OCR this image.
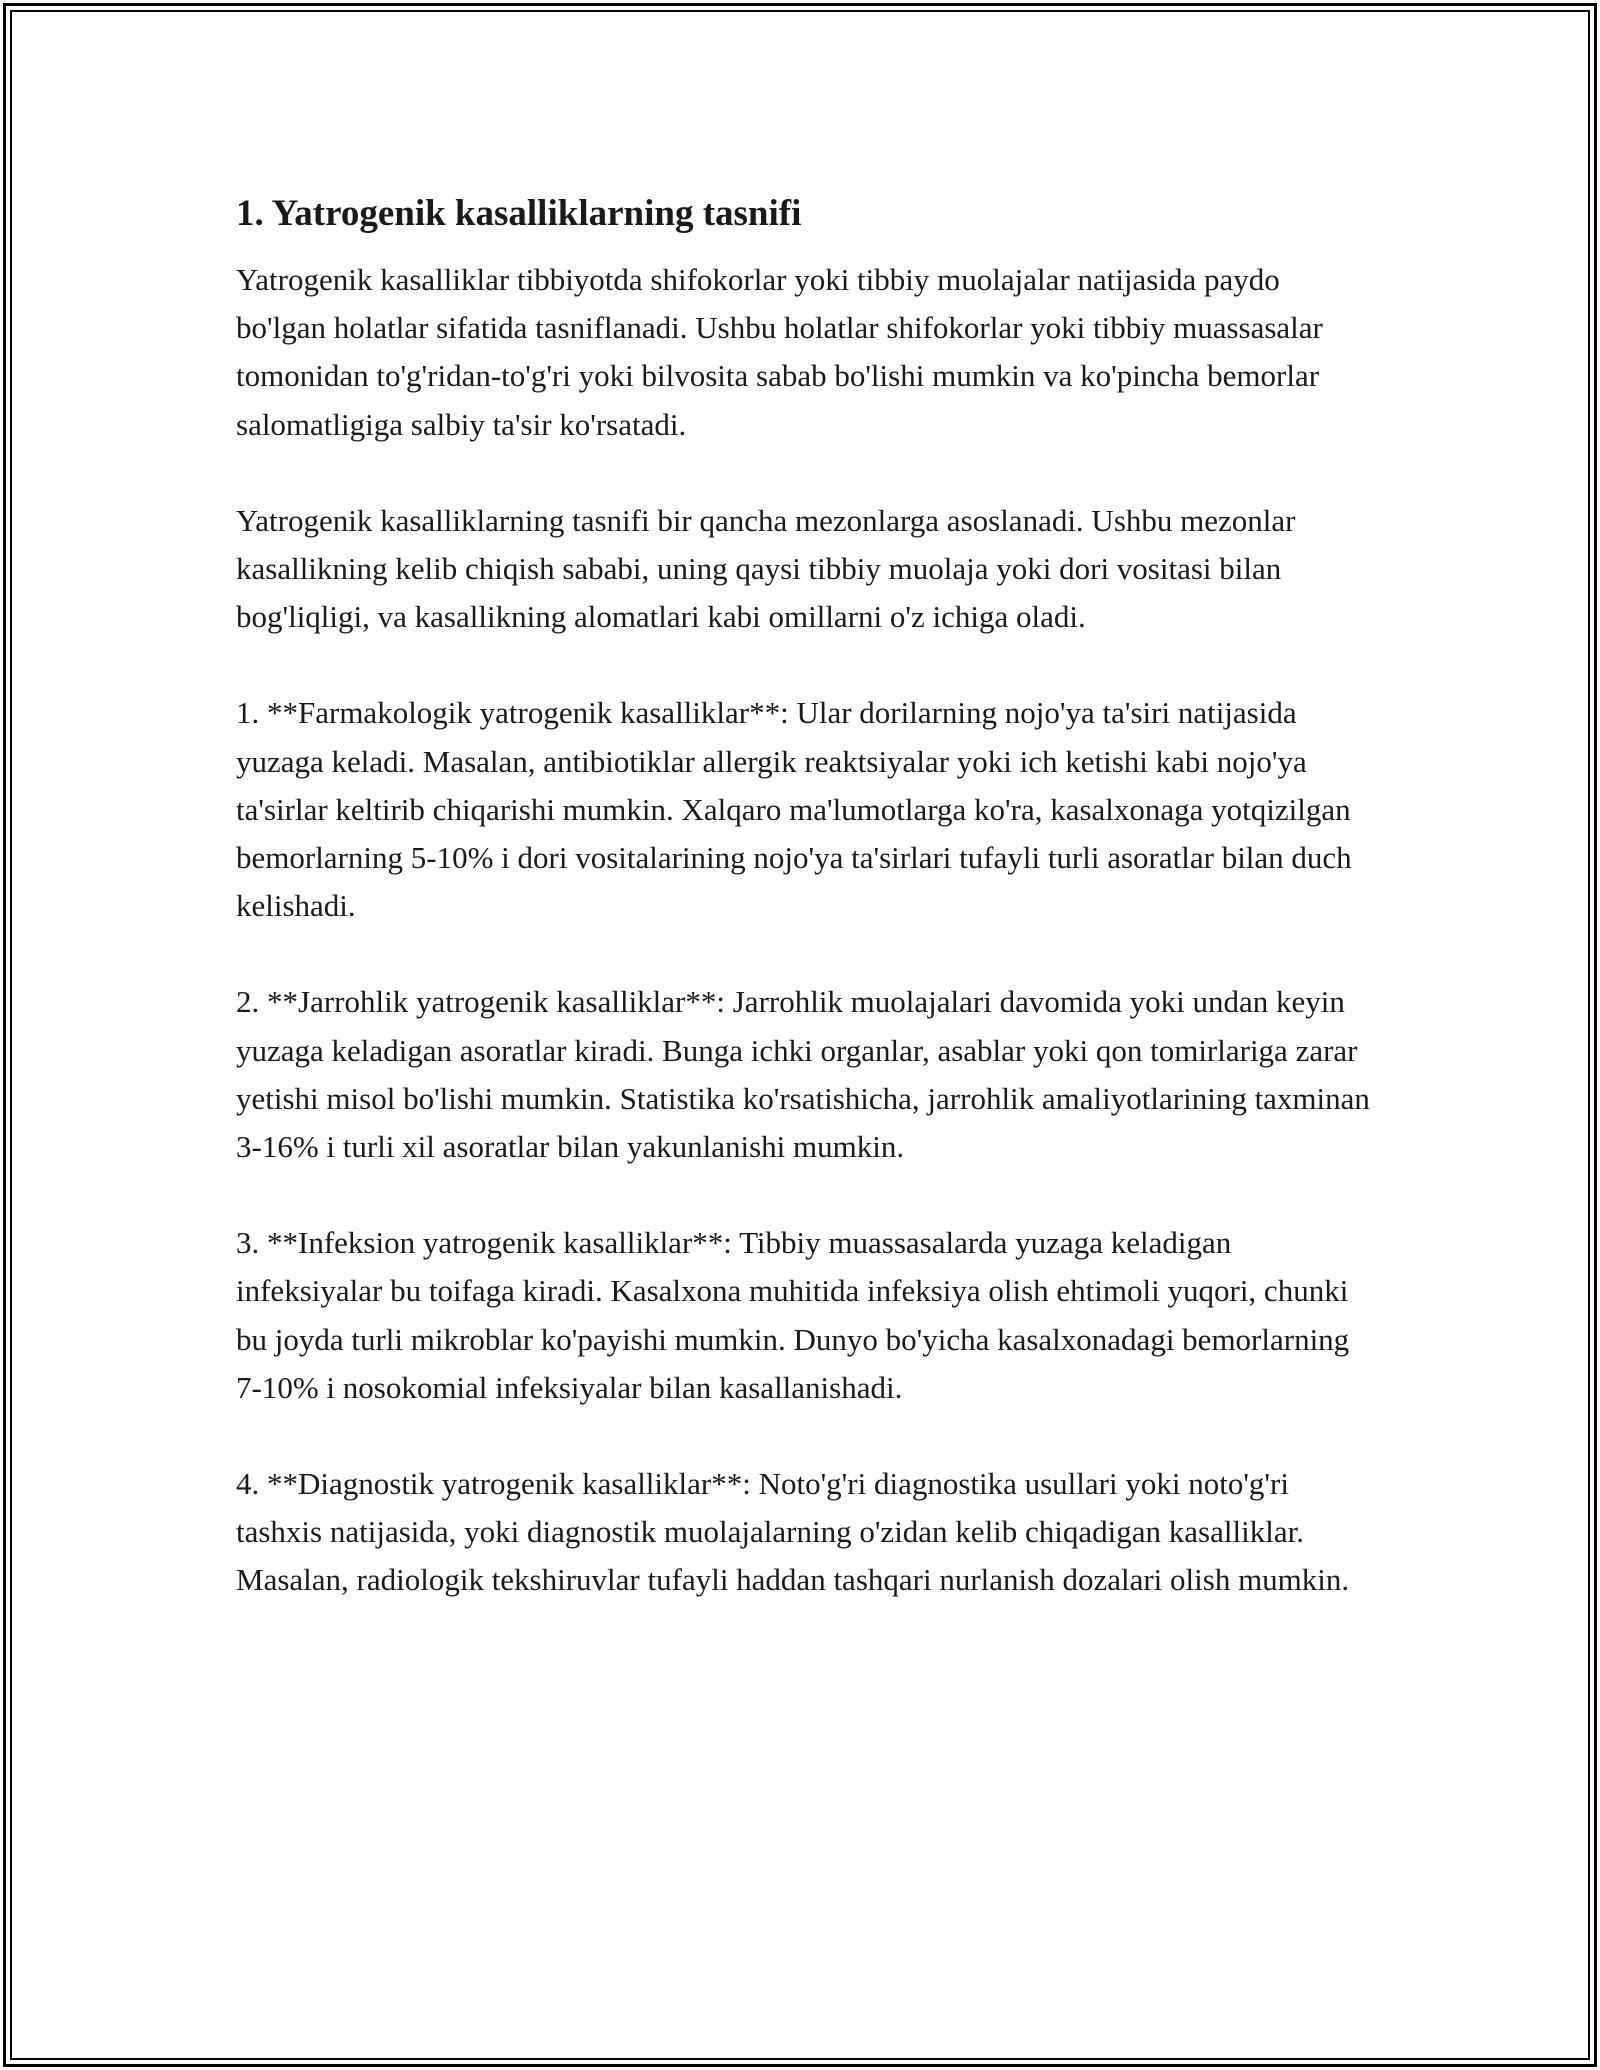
1. Yatrogenik kasalliklarning tasnifi

Yatrogenik kasalliklar tibbiyotda shifokorlar yoki tibbiy muolajalar natijasida paydo bo'lgan holatlar sifatida tasniflanadi. Ushbu holatlar shifokorlar yoki tibbiy muassasalar tomonidan to'g'ridan-to'g'ri yoki bilvosita sabab bo'lishi mumkin va ko'pincha bemorlar salomatligiga salbiy ta'sir ko'rsatadi.

Yatrogenik kasalliklarning tasnifi bir qancha mezonlarga asoslanadi. Ushbu mezonlar kasallikning kelib chiqish sababi, uning qaysi tibbiy muolaja yoki dori vositasi bilan bog'liqligi, va kasallikning alomatlari kabi omillarni o'z ichiga oladi.

1. **Farmakologik yatrogenik kasalliklar**: Ular dorilarning nojo'ya ta'siri natijasida yuzaga keladi. Masalan, antibiotiklar allergik reaktsiyalar yoki ich ketishi kabi nojo'ya ta'sirlar keltirib chiqarishi mumkin. Xalqaro ma'lumotlarga ko'ra, kasalxonaga yotqizilgan bemorlarning 5-10% i dori vositalarining nojo'ya ta'sirlari tufayli turli asoratlar bilan duch kelishadi.

2. **Jarrohlik yatrogenik kasalliklar**: Jarrohlik muolajalari davomida yoki undan keyin yuzaga keladigan asoratlar kiradi. Bunga ichki organlar, asablar yoki qon tomirlariga zarar yetishi misol bo'lishi mumkin. Statistika ko'rsatishicha, jarrohlik amaliyotlarining taxminan 3-16% i turli xil asoratlar bilan yakunlanishi mumkin.

3. **Infeksion yatrogenik kasalliklar**: Tibbiy muassasalarda yuzaga keladigan infeksiyalar bu toifaga kiradi. Kasalxona muhitida infeksiya olish ehtimoli yuqori, chunki bu joyda turli mikroblar ko'payishi mumkin. Dunyo bo'yicha kasalxonadagi bemorlarning 7-10% i nosokomial infeksiyalar bilan kasallanishadi.

4. **Diagnostik yatrogenik kasalliklar**: Noto'g'ri diagnostika usullari yoki noto'g'ri tashxis natijasida, yoki diagnostik muolajalarning o'zidan kelib chiqadigan kasalliklar. Masalan, radiologik tekshiruvlar tufayli haddan tashqari nurlanish dozalari olish mumkin.
